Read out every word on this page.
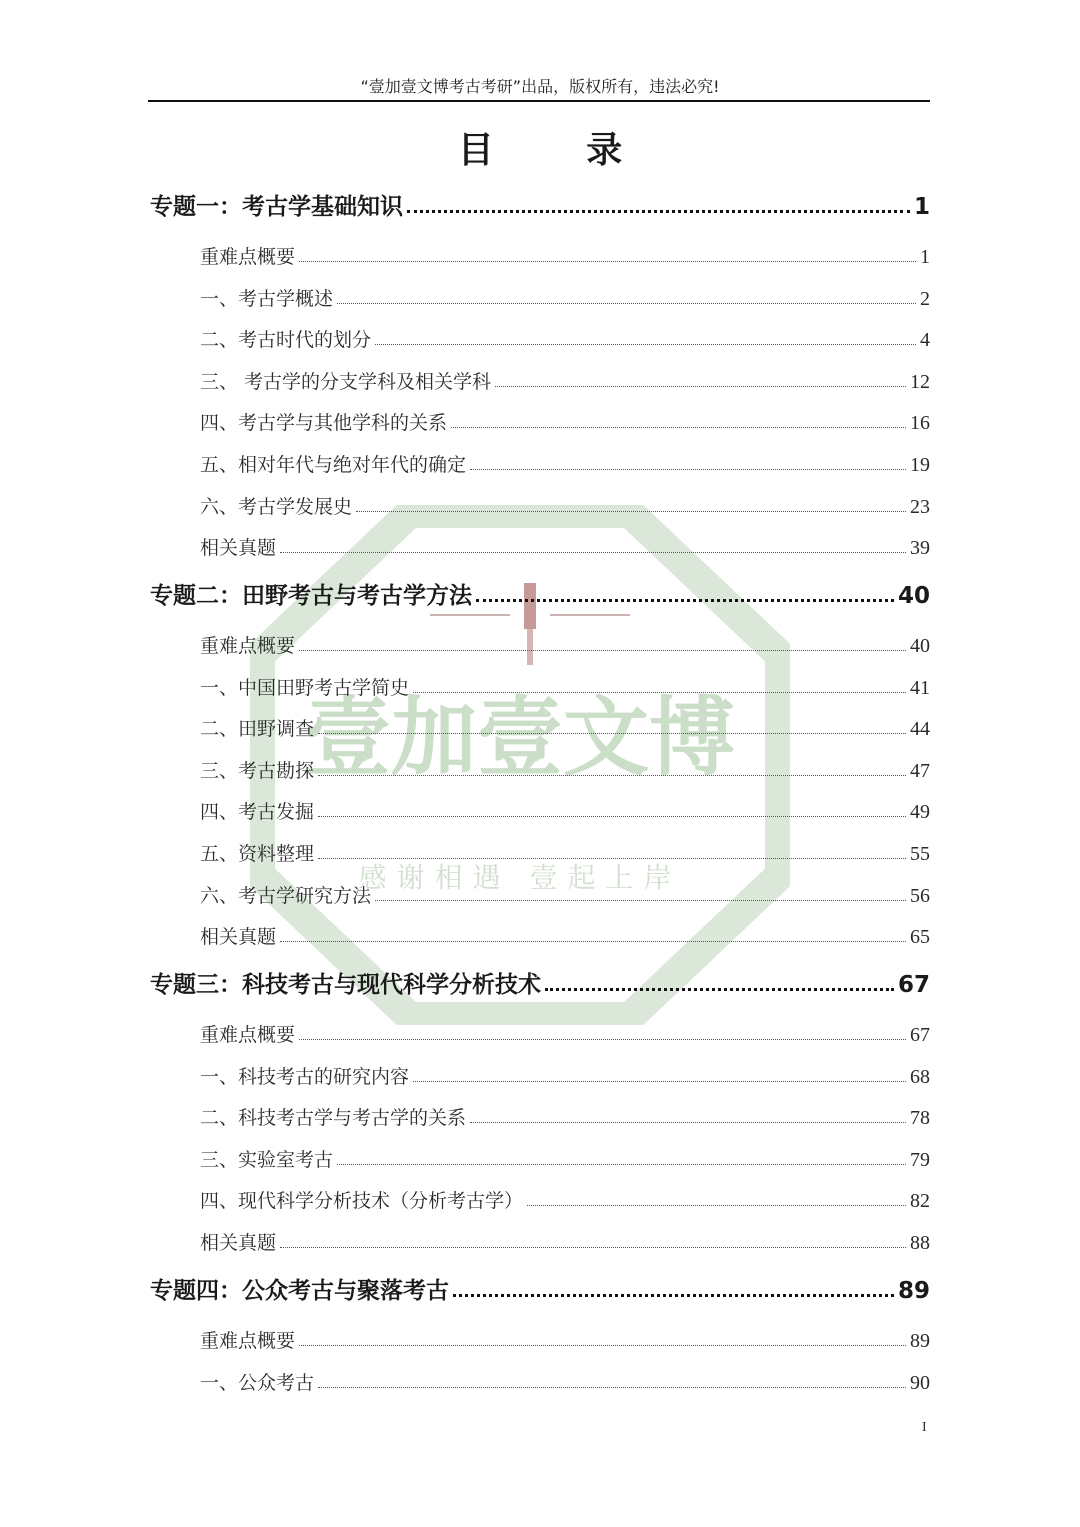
“壹加壹文博考古考研”出品，版权所有，违法必究!
目 录
壹加壹文博
感谢相遇 壹起上岸
专题一：考古学基础知识	1
重难点概要	1
一、考古学概述	2
二、考古时代的划分	4
三、 考古学的分支学科及相关学科	12
四、考古学与其他学科的关系	16
五、相对年代与绝对年代的确定	19
六、考古学发展史	23
相关真题	39
专题二：田野考古与考古学方法	40
重难点概要	40
一、中国田野考古学简史	41
二、田野调查	44
三、考古勘探	47
四、考古发掘	49
五、资料整理	55
六、考古学研究方法	56
相关真题	65
专题三：科技考古与现代科学分析技术	67
重难点概要	67
一、科技考古的研究内容	68
二、科技考古学与考古学的关系	78
三、实验室考古	79
四、现代科学分析技术（分析考古学）	82
相关真题	88
专题四：公众考古与聚落考古	89
重难点概要	89
一、公众考古	90
I
